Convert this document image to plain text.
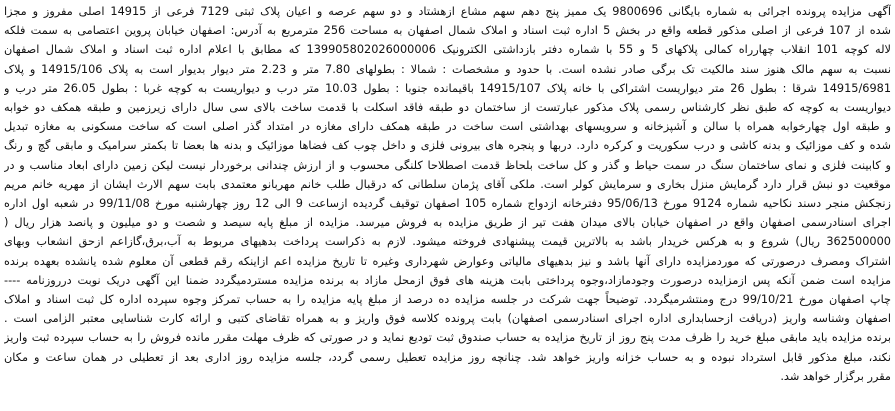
آگهی مزایده پرونده اجرائی به شماره بایگانی 9800696 یک ممیز پنج دهم سهم مشاع ازهشتاد و دو سهم عرصه و اعیان پلاک ثبتی 7129 فرعی از 14915 اصلی مفروز و مجزا
شده از 107 فرعی از اصلی مذکور قطعه واقع در بخش 5 اداره ثبت اسناد و املاک شمال اصفهان به مساحت 256 مترمربع به آدرس: اصفهان خیابان پروین اعتصامی به سمت فلکه
لاله کوچه 101 انقلاب چهارراه کمالی پلاکهای 5 و 55 با شماره دفتر بازداشتی الکترونیک 139905802026000006 که مطابق با اعلام اداره ثبت اسناد و املاک شمال اصفهان
نسبت به سهم مالک هنوز سند مالکیت تک برگی صادر نشده است. با حدود و مشخصات : شمالا : بطولهای 7.80 متر و 2.23 متر دیوار بدیوار است به پلاک 14915/106 و پلاک
14915/6981 شرقا : بطول 26 متر دیواریست اشتراکی با خانه پلاک 14915/107 باقیمانده جنوبا : بطول 10.03 متر درب و دیواریست به کوچه غربا : بطول 26.05 متر درب و
دیواریست به کوچه که طبق نظر کارشناس رسمی پلاک مذکور عبارتست از ساختمان دو طبقه فاقد اسکلت با قدمت ساخت بالای سی سال دارای زیرزمین و طبقه همکف دو خوابه
و طبقه اول چهارخوابه همراه با سالن و آشپزخانه و سرویسهای بهداشتی است ساخت در طبقه همکف دارای مغازه در امتداد گذر اصلی است که ساخت مسکونی به مغازه تبدیل
شده و کف موزائیک و بدنه کاشی و درب سکوریت و کرکره دارد. دربها و پنجره های بیرونی فلزی و داخل چوب کف فضاها موزائیک و بدنه ها بعضا تا بکمتر سرامیک و مابقی گچ و رنگ
و کابینت فلزی و نمای ساختمان سنگ در سمت حیاط و گذر و کل ساخت بلحاظ قدمت اصطلاحا کلنگی محسوب و از ارزش چندانی برخوردار نیست لیکن زمین دارای ابعاد مناسب و در
موقعیت دو نبش قرار دارد گرمایش منزل بخاری و سرمایش کولر است. ملکی آقای پژمان سلطانی که درقبال طلب خانم مهربانو معتمدی بابت سهم الارث ایشان از مهریه خانم مریم
زنجکش منجر دسند نکاحیه شماره 9124 مورخ 95/06/13 دفترخانه ازدواج شماره 105 اصفهان توقیف گردیده ازساعت 9 الی 12 روز چهارشنبه مورخ 99/11/08 در شعبه اول اداره
اجرای اسنادرسمی اصفهان واقع در اصفهان خیابان بالای میدان هفت تیر از طریق مزایده به فروش میرسد. مزایده از مبلغ پایه سیصد و شصت و دو میلیون و پانصد هزار ریال (
362500000 ریال) شروع و به هرکس خریدار باشد به بالاترین قیمت پیشنهادی فروخته میشود. لازم به ذکراست پرداخت بدهیهای مربوط به آب،برق،گازاعم ازحق انشعاب وبهای
اشتراک ومصرف درصورتی که موردمزایده دارای آنها باشد و نیز بدهیهای مالیاتی وعوارض شهرداری وغیره تا تاریخ مزایده اعم ازاینکه رقم قطعی آن معلوم شده یانشده بعهده برنده
مزایده است ضمن آنکه پس ازمزایده درصورت وجودمازاد،وجوه پرداختی بابت هزینه های فوق ازمحل مازاد به برنده مزایده مستردمیگردد ضمنا این آگهی دریک نوبت درروزنامه ----
چاپ اصفهان مورخ 99/10/21 درج ومنتشرمیگردد. توضیحاً جهت شرکت در جلسه مزایده ده درصد از مبلغ پایه مزایده را به حساب تمرکز وجوه سپرده اداره کل ثبت اسناد و املاک
اصفهان وشناسه واریز (دریافت ازحسابداری اداره اجرای اسنادرسمی اصفهان) بابت پرونده کلاسه فوق واریز و به همراه تقاضای کتبی و ارائه کارت شناسایی معتبر الزامی است .
برنده مزایده باید مابقی مبلغ خرید را ظرف مدت پنج روز از تاریخ مزایده به حساب صندوق ثبت تودیع نماید و در صورتی که ظرف مهلت مقرر مانده فروش را به حساب سپرده ثبت واریز
نکند، مبلغ مذکور قابل استرداد نبوده و به حساب خزانه واریز خواهد شد. چنانچه روز مزایده تعطیل رسمی گردد، جلسه مزایده روز اداری بعد از تعطیلی در همان ساعت و مکان
مقرر برگزار خواهد شد.
